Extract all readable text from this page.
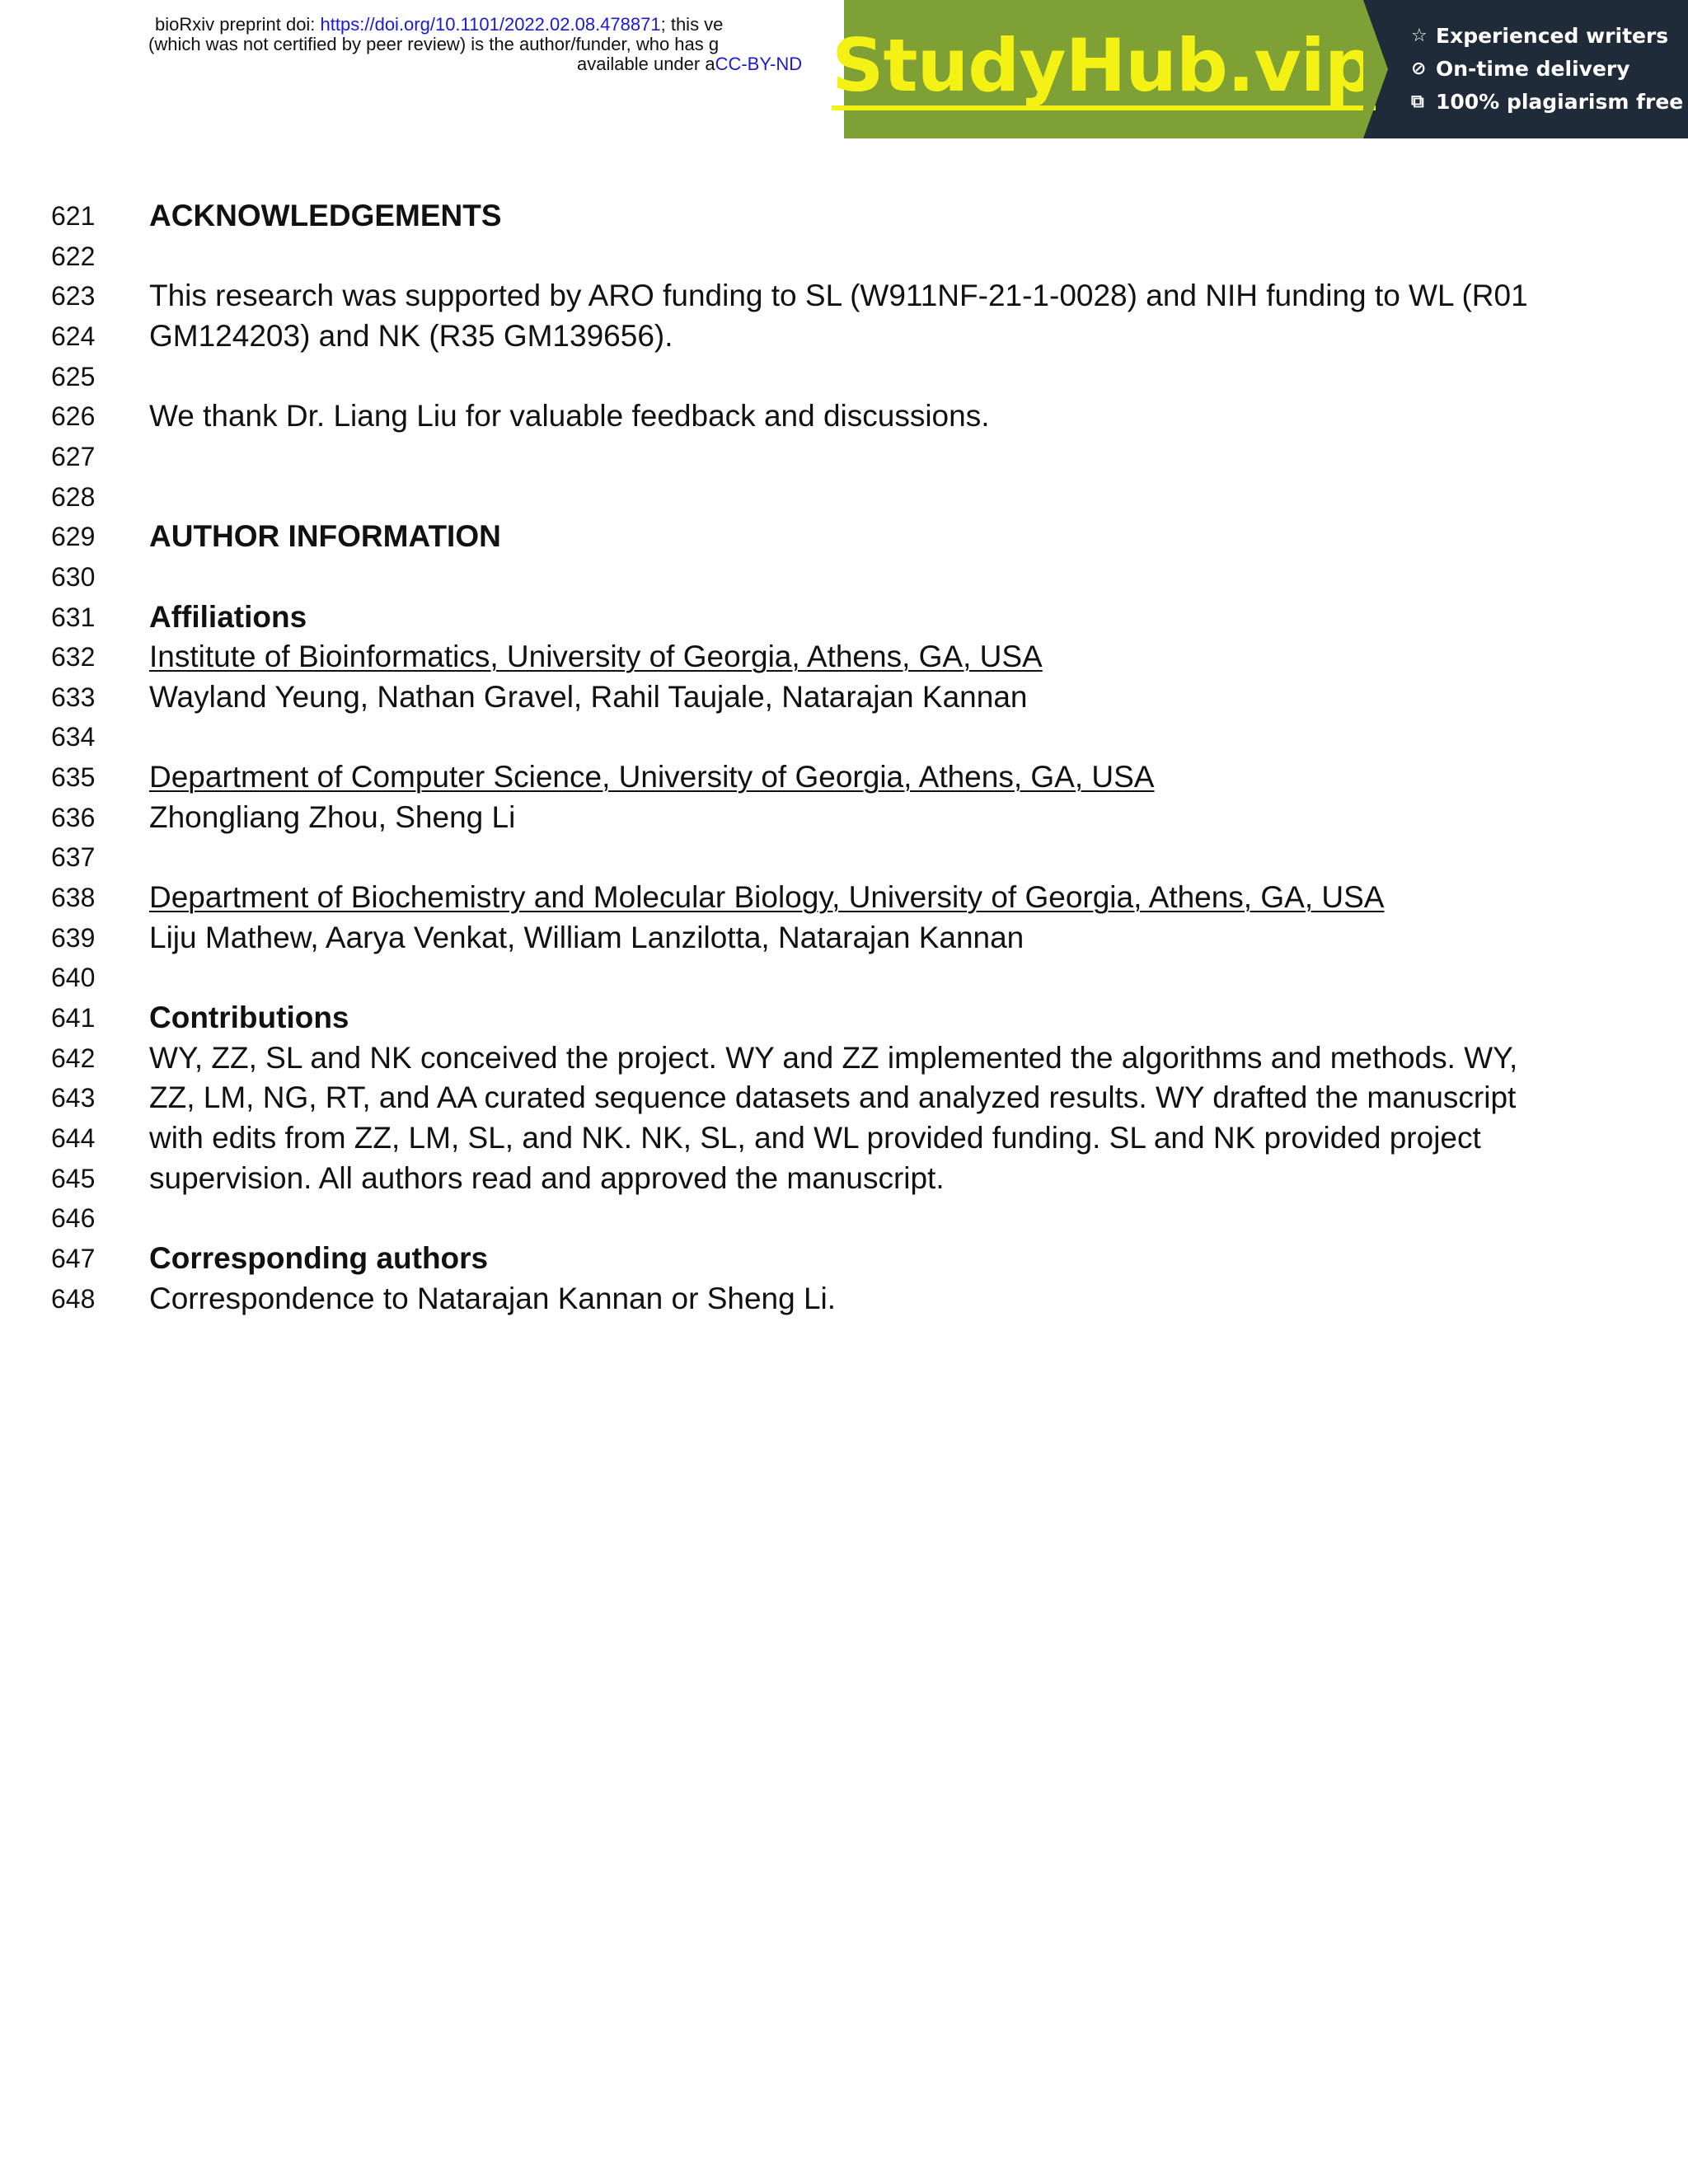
bioRxiv preprint doi: https://doi.org/10.1101/2022.02.08.478871; this ve
(which was not certified by peer review) is the author/funder, who has g
available under aCC-BY-ND StudyHub.vip ☆ Experienced writers
⊘ On-time delivery
⧉ 100% plagiarism free
621 ACKNOWLEDGEMENTS
622
623 This research was supported by ARO funding to SL (W911NF-21-1-0028) and NIH funding to WL (R01
624 GM124203) and NK (R35 GM139656).
625
626 We thank Dr. Liang Liu for valuable feedback and discussions.
627
628
629 AUTHOR INFORMATION
630
631 Affiliations
632 Institute of Bioinformatics, University of Georgia, Athens, GA, USA
633 Wayland Yeung, Nathan Gravel, Rahil Taujale, Natarajan Kannan
634
635 Department of Computer Science, University of Georgia, Athens, GA, USA
636 Zhongliang Zhou, Sheng Li
637
638 Department of Biochemistry and Molecular Biology, University of Georgia, Athens, GA, USA
639 Liju Mathew, Aarya Venkat, William Lanzilotta, Natarajan Kannan
640
641 Contributions
642 WY, ZZ, SL and NK conceived the project. WY and ZZ implemented the algorithms and methods. WY,
643 ZZ, LM, NG, RT, and AA curated sequence datasets and analyzed results. WY drafted the manuscript
644 with edits from ZZ, LM, SL, and NK. NK, SL, and WL provided funding. SL and NK provided project
645 supervision. All authors read and approved the manuscript.
646
647 Corresponding authors
648 Correspondence to Natarajan Kannan or Sheng Li.
